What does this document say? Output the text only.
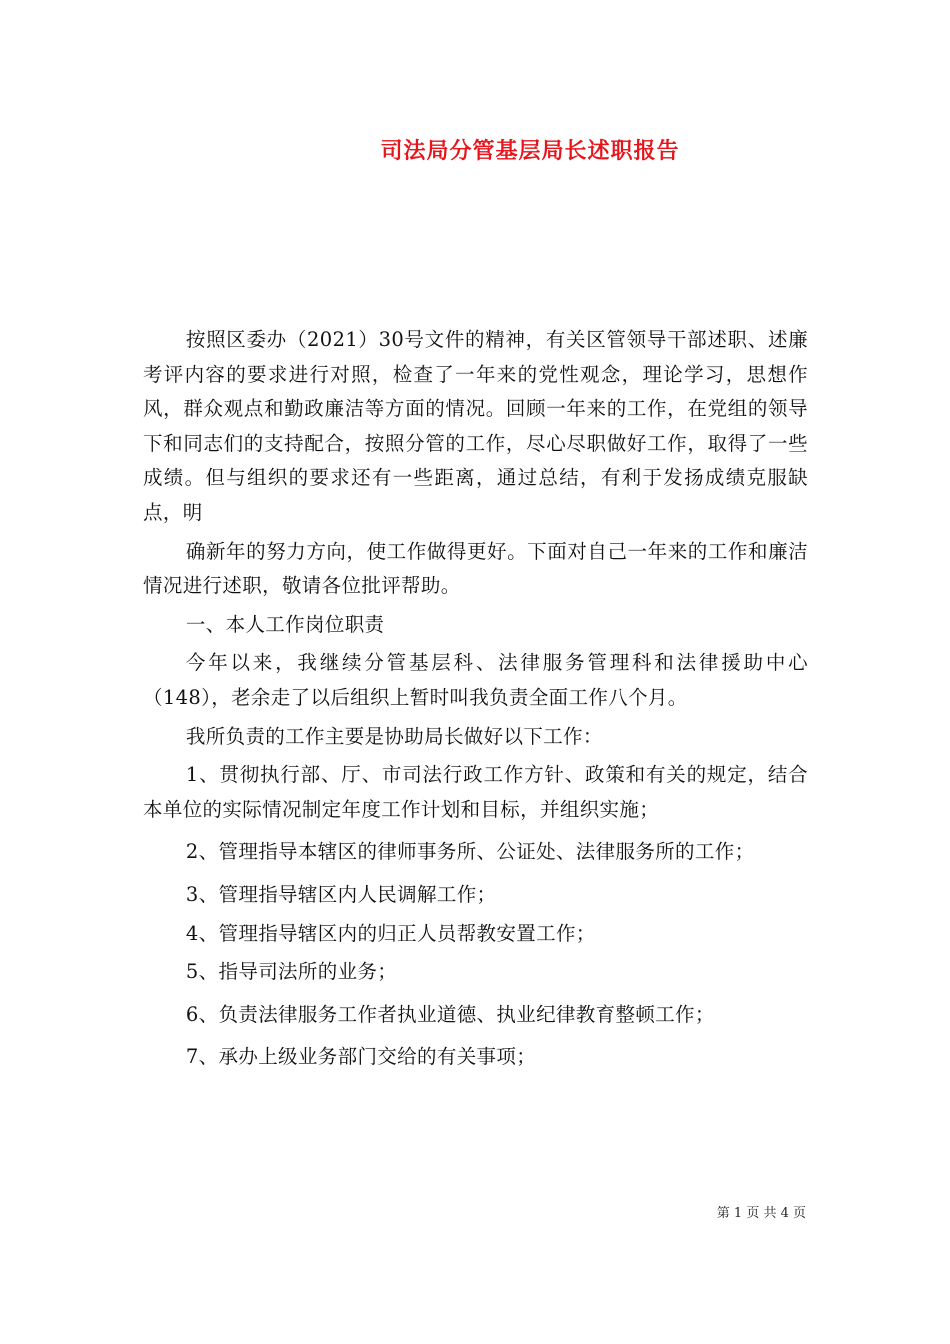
司法局分管基层局长述职报告

按照区委办（2021）30号文件的精神，有关区管领导干部述职、述廉考评内容的要求进行对照，检查了一年来的党性观念，理论学习，思想作风，群众观点和勤政廉洁等方面的情况。回顾一年来的工作，在党组的领导下和同志们的支持配合，按照分管的工作，尽心尽职做好工作，取得了一些成绩。但与组织的要求还有一些距离，通过总结，有利于发扬成绩克服缺点，明

确新年的努力方向，使工作做得更好。下面对自己一年来的工作和廉洁情况进行述职，敬请各位批评帮助。

一、本人工作岗位职责

今年以来，我继续分管基层科、法律服务管理科和法律援助中心（148），老余走了以后组织上暂时叫我负责全面工作八个月。

我所负责的工作主要是协助局长做好以下工作：

1、贯彻执行部、厅、市司法行政工作方针、政策和有关的规定，结合本单位的实际情况制定年度工作计划和目标，并组织实施；

2、管理指导本辖区的律师事务所、公证处、法律服务所的工作；

3、管理指导辖区内人民调解工作；

4、管理指导辖区内的归正人员帮教安置工作；

5、指导司法所的业务；

6、负责法律服务工作者执业道德、执业纪律教育整顿工作；

7、承办上级业务部门交给的有关事项；

第 1 页 共 4 页
